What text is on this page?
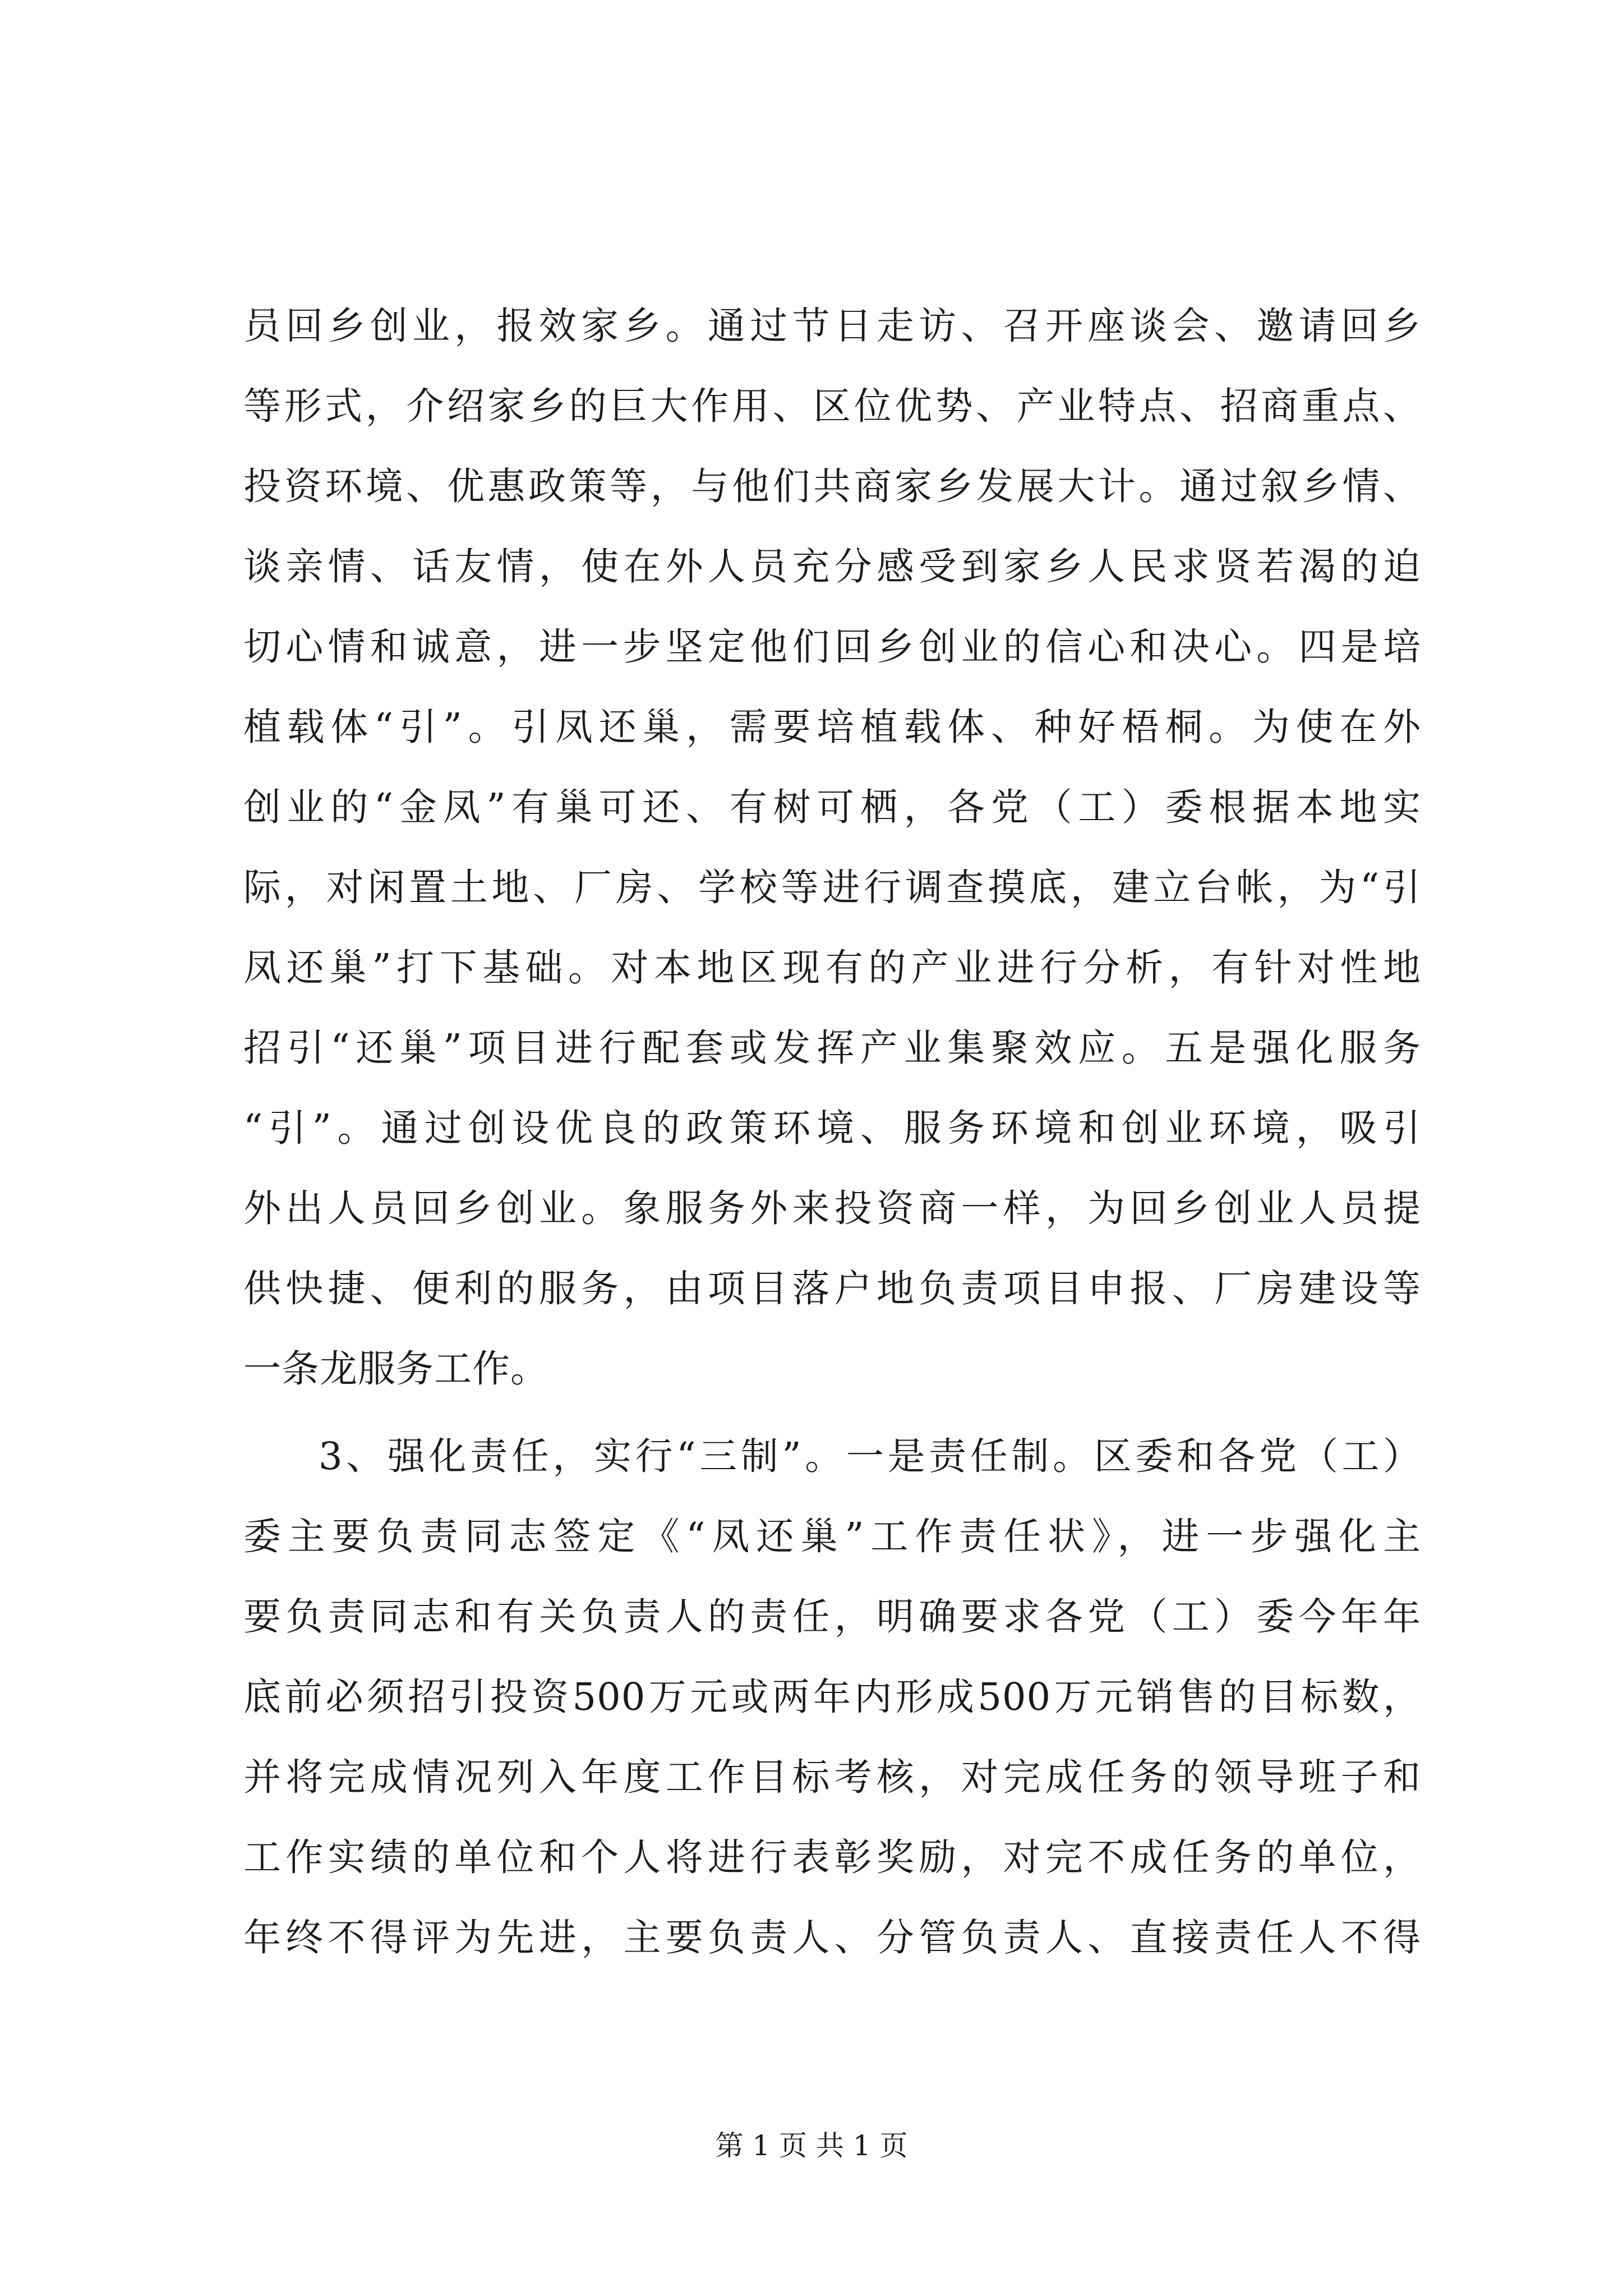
员回乡创业，报效家乡。通过节日走访、召开座谈会、邀请回乡
等形式，介绍家乡的巨大作用、区位优势、产业特点、招商重点、
投资环境、优惠政策等，与他们共商家乡发展大计。通过叙乡情、
谈亲情、话友情，使在外人员充分感受到家乡人民求贤若渴的迫
切心情和诚意，进一步坚定他们回乡创业的信心和决心。四是培
植载体“引”。引凤还巢，需要培植载体、种好梧桐。为使在外
创业的“金凤”有巢可还、有树可栖，各党（工）委根据本地实
际，对闲置土地、厂房、学校等进行调查摸底，建立台帐，为“引
凤还巢”打下基础。对本地区现有的产业进行分析，有针对性地
招引“还巢”项目进行配套或发挥产业集聚效应。五是强化服务
“引”。通过创设优良的政策环境、服务环境和创业环境，吸引
外出人员回乡创业。象服务外来投资商一样，为回乡创业人员提
供快捷、便利的服务，由项目落户地负责项目申报、厂房建设等
一条龙服务工作。
3、强化责任，实行“三制”。一是责任制。区委和各党（工）
委主要负责同志签定《“凤还巢”工作责任状》，进一步强化主
要负责同志和有关负责人的责任，明确要求各党（工）委今年年
底前必须招引投资500万元或两年内形成500万元销售的目标数，
并将完成情况列入年度工作目标考核，对完成任务的领导班子和
工作实绩的单位和个人将进行表彰奖励，对完不成任务的单位，
年终不得评为先进，主要负责人、分管负责人、直接责任人不得
第 1 页 共 1 页
